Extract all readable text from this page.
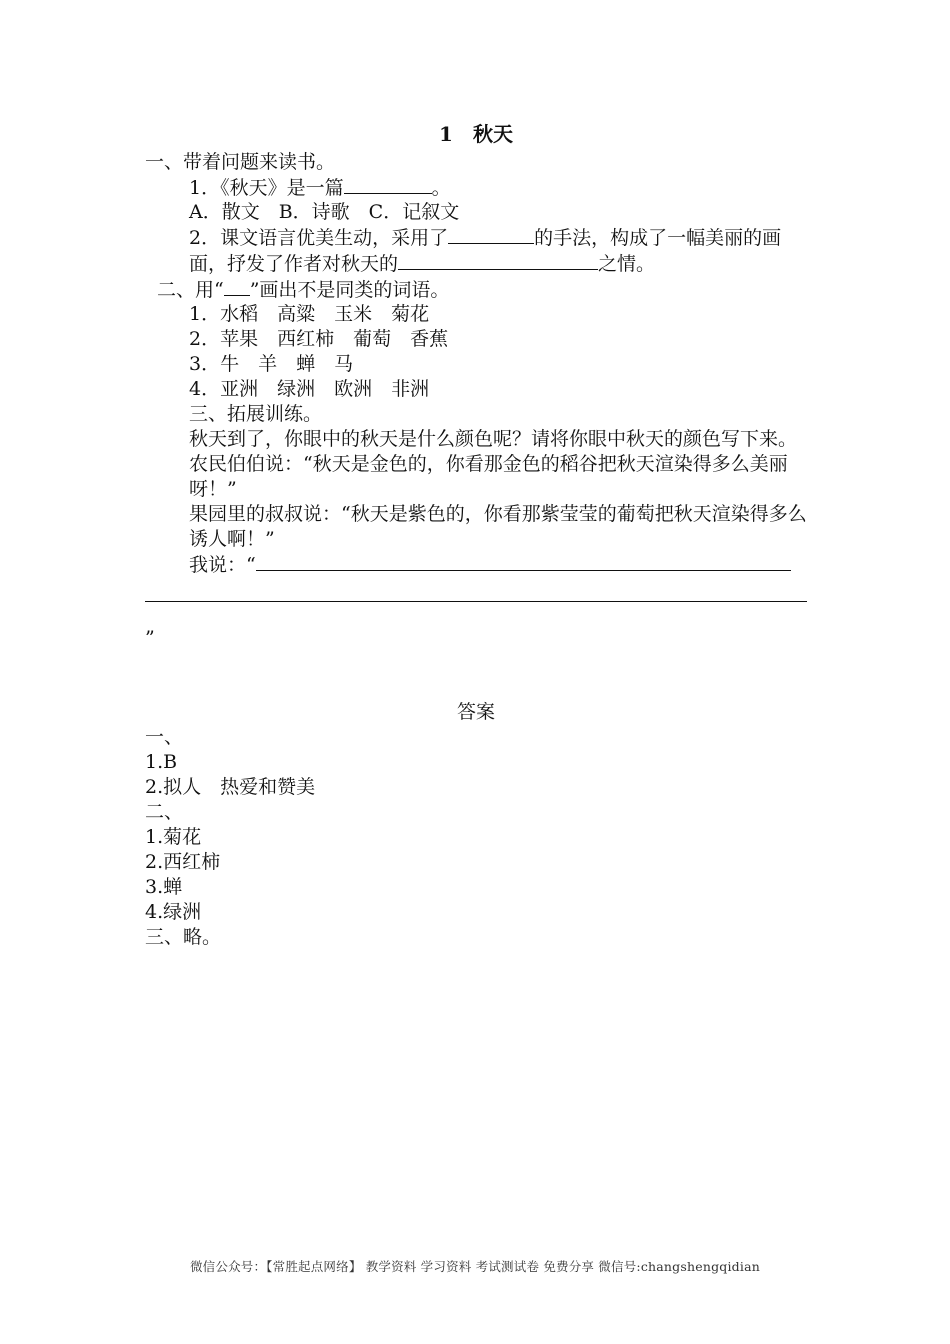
1　秋天
一、带着问题来读书。
1．《秋天》是一篇	。
A．散文　B．诗歌　C．记叙文
2．课文语言优美生动，采用了	的手法，构成了一幅美丽的画面，抒发了作者对秋天的	之情。
二、用“ ”画出不是同类的词语。
1．水稻　高粱　玉米　菊花
2．苹果　西红柿　葡萄　香蕉
3．牛　羊　蝉　马
4．亚洲　绿洲　欧洲　非洲
三、拓展训练。
秋天到了，你眼中的秋天是什么颜色呢？请将你眼中秋天的颜色写下来。
农民伯伯说：“秋天是金色的，你看那金色的稻谷把秋天渲染得多么美丽呀！”
果园里的叔叔说：“秋天是紫色的，你看那紫莹莹的葡萄把秋天渲染得多么诱人啊！”
我说：“
”
答案
一、
1.B
2.拟人　热爱和赞美
二、
1.菊花
2.西红柿
3.蝉
4.绿洲
三、略。
微信公众号：【常胜起点网络】 教学资料 学习资料 考试测试卷 免费分享 微信号:changshengqidian
